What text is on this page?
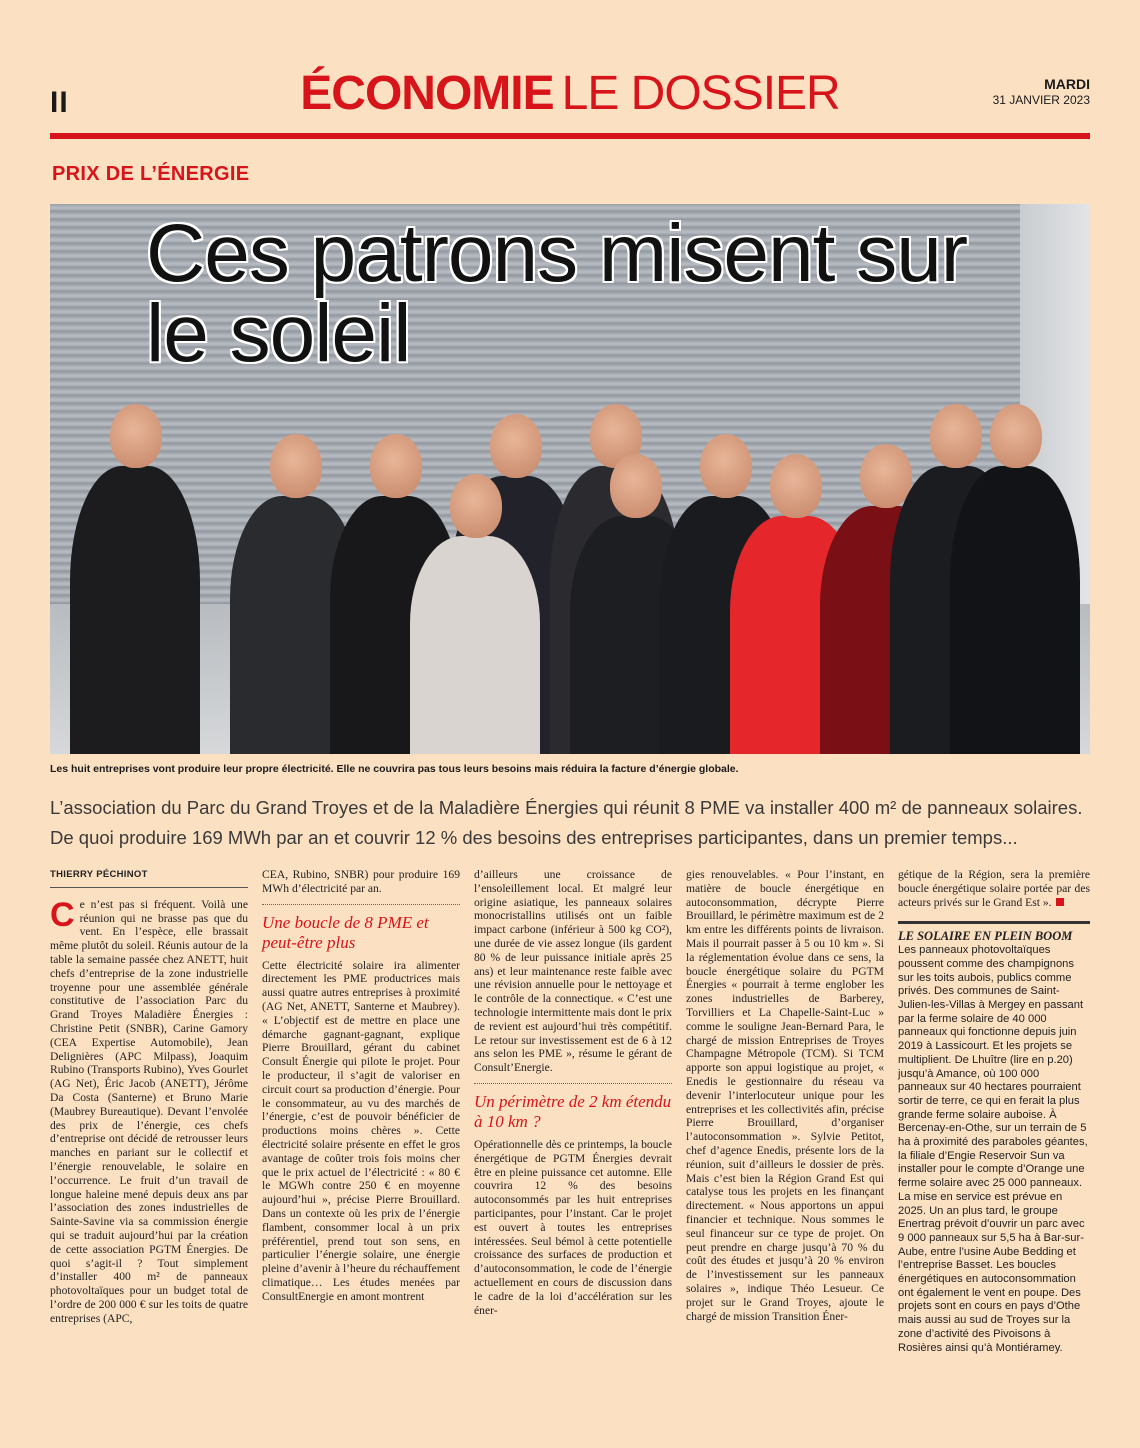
II	ÉCONOMIE LE DOSSIER	MARDI
31 JANVIER 2023
PRIX DE L’ÉNERGIE
Ces patrons misent sur le soleil
Les huit entreprises vont produire leur propre électricité. Elle ne couvrira pas tous leurs besoins mais réduira la facture d’énergie globale.
L’association du Parc du Grand Troyes et de la Maladière Énergies qui réunit 8 PME va installer 400 m² de panneaux solaires. De quoi produire 169 MWh par an et couvrir 12 % des besoins des entreprises participantes, dans un premier temps...
THIERRY PÉCHINOT

Ce n’est pas si fréquent. Voilà une réunion qui ne brasse pas que du vent. En l’espèce, elle brassait même plutôt du soleil. Réunis autour de la table la semaine passée chez ANETT, huit chefs d’entreprise de la zone industrielle troyenne pour une assemblée générale constitutive de l’association Parc du Grand Troyes Maladière Énergies : Christine Petit (SNBR), Carine Gamory (CEA Expertise Automobile), Jean Delignières (APC Milpass), Joaquim Rubino (Transports Rubino), Yves Gourlet (AG Net), Éric Jacob (ANETT), Jérôme Da Costa (Santerne) et Bruno Marie (Maubrey Bureautique). Devant l’envolée des prix de l’énergie, ces chefs d’entreprise ont décidé de retrousser leurs manches en pariant sur le collectif et l’énergie renouvelable, le solaire en l’occurrence. Le fruit d’un travail de longue haleine mené depuis deux ans par l’association des zones industrielles de Sainte-Savine via sa commission énergie qui se traduit aujourd’hui par la création de cette association PGTM Énergies. De quoi s’agit-il ? Tout simplement d’installer 400 m² de panneaux photovoltaïques pour un budget total de l’ordre de 200 000 € sur les toits de quatre entreprises (APC,

CEA, Rubino, SNBR) pour produire 169 MWh d’électricité par an.

Une boucle de 8 PME et peut-être plus

Cette électricité solaire ira alimenter directement les PME productrices mais aussi quatre autres entreprises à proximité (AG Net, ANETT, Santerne et Maubrey). « L’objectif est de mettre en place une démarche gagnant-gagnant, explique Pierre Brouillard, gérant du cabinet Consult Énergie qui pilote le projet. Pour le producteur, il s’agit de valoriser en circuit court sa production d’énergie. Pour le consommateur, au vu des marchés de l’énergie, c’est de pouvoir bénéficier de productions moins chères ». Cette électricité solaire présente en effet le gros avantage de coûter trois fois moins cher que le prix actuel de l’électricité : « 80 € le MGWh contre 250 € en moyenne aujourd’hui », précise Pierre Brouillard. Dans un contexte où les prix de l’énergie flambent, consommer local à un prix préférentiel, prend tout son sens, en particulier l’énergie solaire, une énergie pleine d’avenir à l’heure du réchauffement climatique… Les études menées par ConsultEnergie en amont montrent

d’ailleurs une croissance de l’ensoleillement local. Et malgré leur origine asiatique, les panneaux solaires monocristallins utilisés ont un faible impact carbone (inférieur à 500 kg CO²), une durée de vie assez longue (ils gardent 80 % de leur puissance initiale après 25 ans) et leur maintenance reste faible avec une révision annuelle pour le nettoyage et le contrôle de la connectique. « C’est une technologie intermittente mais dont le prix de revient est aujourd’hui très compétitif. Le retour sur investissement est de 6 à 12 ans selon les PME », résume le gérant de Consult’Energie.

Un périmètre de 2 km étendu à 10 km ?

Opérationnelle dès ce printemps, la boucle énergétique de PGTM Énergies devrait être en pleine puissance cet automne. Elle couvrira 12 % des besoins autoconsommés par les huit entreprises participantes, pour l’instant. Car le projet est ouvert à toutes les entreprises intéressées. Seul bémol à cette potentielle croissance des surfaces de production et d’autoconsommation, le code de l’énergie actuellement en cours de discussion dans le cadre de la loi d’accélération sur les éner-

gies renouvelables. « Pour l’instant, en matière de boucle énergétique en autoconsommation, décrypte Pierre Brouillard, le périmètre maximum est de 2 km entre les différents points de livraison. Mais il pourrait passer à 5 ou 10 km ». Si la réglementation évolue dans ce sens, la boucle énergétique solaire du PGTM Énergies « pourrait à terme englober les zones industrielles de Barberey, Torvilliers et La Chapelle-Saint-Luc » comme le souligne Jean-Bernard Para, le chargé de mission Entreprises de Troyes Champagne Métropole (TCM). Si TCM apporte son appui logistique au projet, « Enedis le gestionnaire du réseau va devenir l’interlocuteur unique pour les entreprises et les collectivités afin, précise Pierre Brouillard, d’organiser l’autoconsommation ». Sylvie Petitot, chef d’agence Enedis, présente lors de la réunion, suit d’ailleurs le dossier de près. Mais c’est bien la Région Grand Est qui catalyse tous les projets en les finançant directement. « Nous apportons un appui financier et technique. Nous sommes le seul financeur sur ce type de projet. On peut prendre en charge jusqu’à 70 % du coût des études et jusqu’à 20 % environ de l’investissement sur les panneaux solaires », indique Théo Lesueur. Ce projet sur le Grand Troyes, ajoute le chargé de mission Transition Éner-

gétique de la Région, sera la première boucle énergétique solaire portée par des acteurs privés sur le Grand Est ».

LE SOLAIRE EN PLEIN BOOM
Les panneaux photovoltaïques poussent comme des champignons sur les toits aubois, publics comme privés. Des communes de Saint-Julien-les-Villas à Mergey en passant par la ferme solaire de 40 000 panneaux qui fonctionne depuis juin 2019 à Lassicourt. Et les projets se multiplient. De Lhuître (lire en p.20) jusqu’à Amance, où 100 000 panneaux sur 40 hectares pourraient sortir de terre, ce qui en ferait la plus grande ferme solaire auboise. À Bercenay-en-Othe, sur un terrain de 5 ha à proximité des paraboles géantes, la filiale d’Engie Reservoir Sun va installer pour le compte d’Orange une ferme solaire avec 25 000 panneaux. La mise en service est prévue en 2025. Un an plus tard, le groupe Enertrag prévoit d’ouvrir un parc avec 9 000 panneaux sur 5,5 ha à Bar-sur-Aube, entre l’usine Aube Bedding et l’entreprise Basset. Les boucles énergétiques en autoconsommation ont également le vent en poupe. Des projets sont en cours en pays d’Othe mais aussi au sud de Troyes sur la zone d’activité des Pivoisons à Rosières ainsi qu’à Montiéramey.
